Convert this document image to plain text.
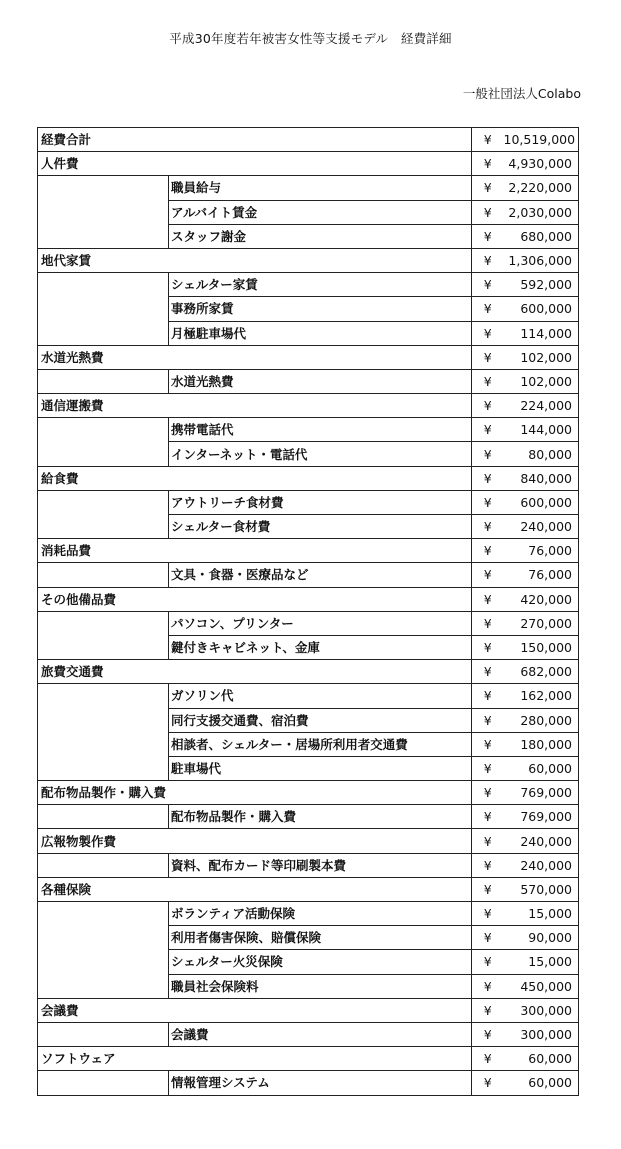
平成30年度若年被害女性等支援モデル　経費詳細
一般社団法人Colabo
経費合計		¥	10,519,000
人件費		¥	4,930,000
	職員給与	¥	2,220,000
	アルバイト賃金	¥	2,030,000
	スタッフ謝金	¥	680,000
地代家賃		¥	1,306,000
	シェルター家賃	¥	592,000
	事務所家賃	¥	600,000
	月極駐車場代	¥	114,000
水道光熱費		¥	102,000
	水道光熱費	¥	102,000
通信運搬費		¥	224,000
	携帯電話代	¥	144,000
	インターネット・電話代	¥	80,000
給食費		¥	840,000
	アウトリーチ食材費	¥	600,000
	シェルター食材費	¥	240,000
消耗品費		¥	76,000
	文具・食器・医療品など	¥	76,000
その他備品費		¥	420,000
	パソコン、プリンター	¥	270,000
	鍵付きキャビネット、金庫	¥	150,000
旅費交通費		¥	682,000
	ガソリン代	¥	162,000
	同行支援交通費、宿泊費	¥	280,000
	相談者、シェルター・居場所利用者交通費	¥	180,000
	駐車場代	¥	60,000
配布物品製作・購入費		¥	769,000
	配布物品製作・購入費	¥	769,000
広報物製作費		¥	240,000
	資料、配布カード等印刷製本費	¥	240,000
各種保険		¥	570,000
	ボランティア活動保険	¥	15,000
	利用者傷害保険、賠償保険	¥	90,000
	シェルター火災保険	¥	15,000
	職員社会保険料	¥	450,000
会議費		¥	300,000
	会議費	¥	300,000
ソフトウェア		¥	60,000
	情報管理システム	¥	60,000
